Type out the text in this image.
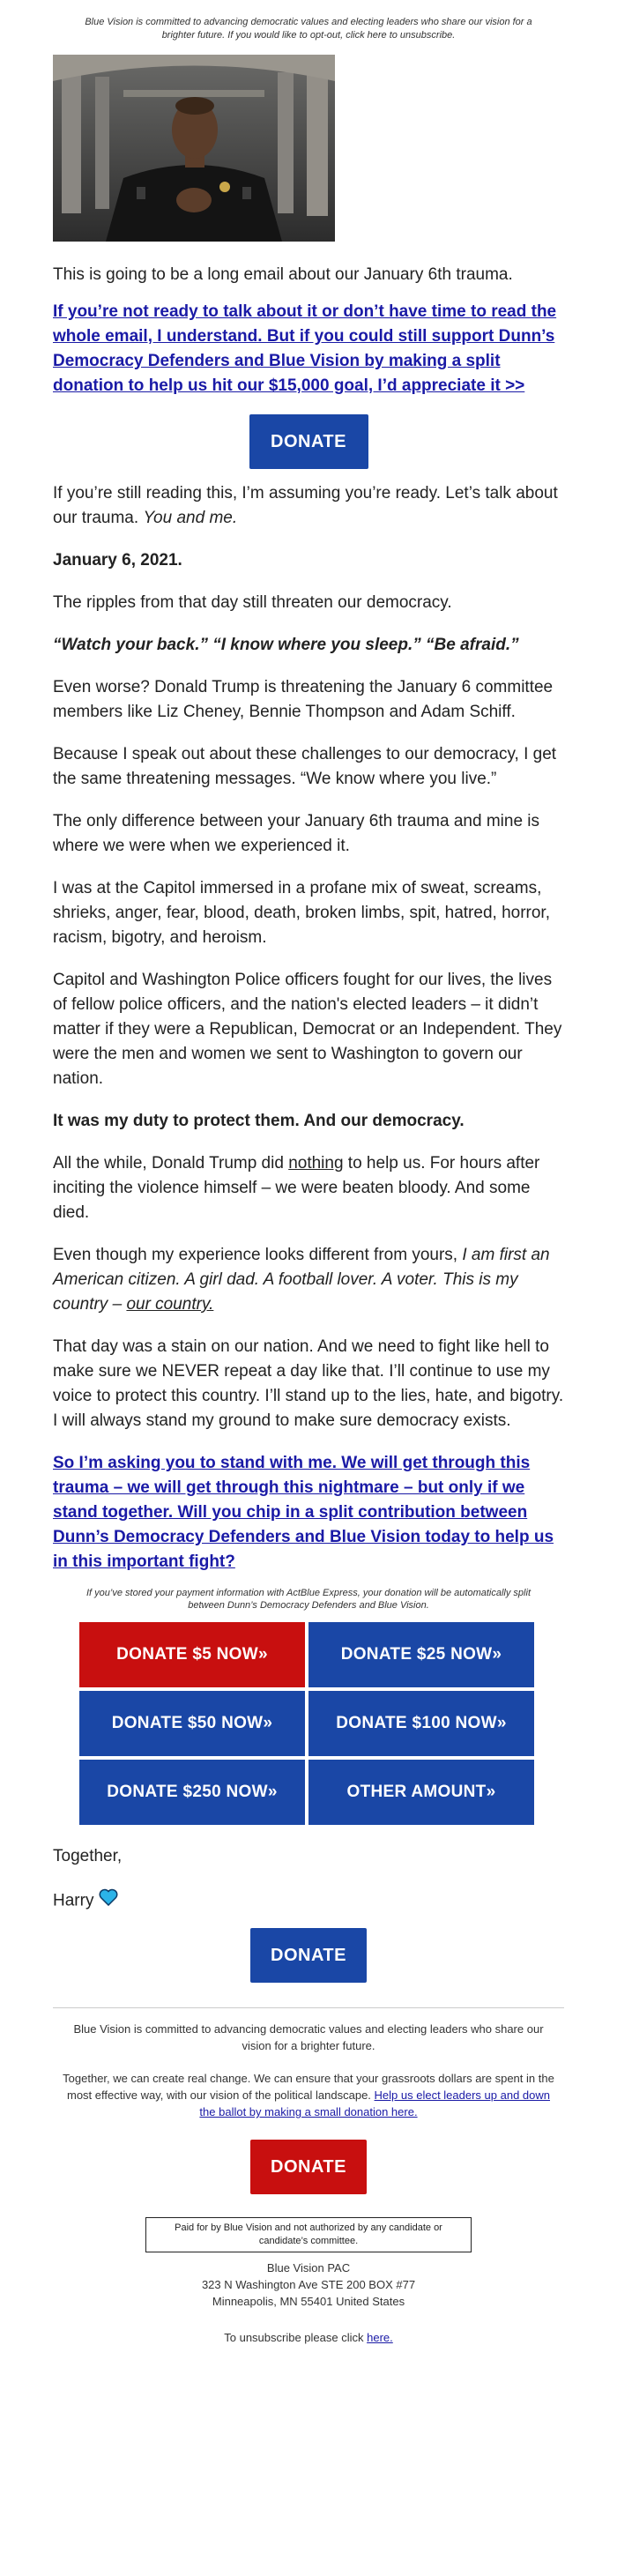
Blue Vision is committed to advancing democratic values and electing leaders who share our vision for a brighter future. If you would like to opt-out, click here to unsubscribe.

This is going to be a long email about our January 6th trauma.

If you’re not ready to talk about it or don’t have time to read the whole email, I understand. But if you could still support Dunn’s Democracy Defenders and Blue Vision by making a split donation to help us hit our $15,000 goal, I’d appreciate it >>
DONATE

If you’re still reading this, I’m assuming you’re ready. Let’s talk about our trauma. You and me.

January 6, 2021.

The ripples from that day still threaten our democracy.

“Watch your back.” “I know where you sleep.” “Be afraid.”

Even worse? Donald Trump is threatening the January 6 committee members like Liz Cheney, Bennie Thompson and Adam Schiff.

Because I speak out about these challenges to our democracy, I get the same threatening messages. “We know where you live.”

The only difference between your January 6th trauma and mine is where we were when we experienced it.

I was at the Capitol immersed in a profane mix of sweat, screams, shrieks, anger, fear, blood, death, broken limbs, spit, hatred, horror, racism, bigotry, and heroism.

Capitol and Washington Police officers fought for our lives, the lives of fellow police officers, and the nation's elected leaders – it didn’t matter if they were a Republican, Democrat or an Independent. They were the men and women we sent to Washington to govern our nation.

It was my duty to protect them. And our democracy.

All the while, Donald Trump did nothing to help us. For hours after inciting the violence himself – we were beaten bloody. And some died.

Even though my experience looks different from yours, I am first an American citizen. A girl dad. A football lover. A voter. This is my country – our country.

That day was a stain on our nation. And we need to fight like hell to make sure we NEVER repeat a day like that. I’ll continue to use my voice to protect this country. I’ll stand up to the lies, hate, and bigotry. I will always stand my ground to make sure democracy exists.

So I’m asking you to stand with me. We will get through this trauma – we will get through this nightmare – but only if we stand together. Will you chip in a split contribution between Dunn’s Democracy Defenders and Blue Vision today to help us in this important fight?
If you’ve stored your payment information with ActBlue Express, your donation will be automatically split between Dunn’s Democracy Defenders and Blue Vision.
DONATE $5 NOW»	DONATE $25 NOW»
DONATE $50 NOW»	DONATE $100 NOW»
DONATE $250 NOW»	OTHER AMOUNT»

Together,

Harry

DONATE
Blue Vision is committed to advancing democratic values and electing leaders who share our vision for a brighter future.
Together, we can create real change. We can ensure that your grassroots dollars are spent in the most effective way, with our vision of the political landscape. Help us elect leaders up and down the ballot by making a small donation here.
DONATE
Paid for by Blue Vision and not authorized by any candidate or candidate’s committee.
Blue Vision PAC
323 N Washington Ave STE 200 BOX #77
Minneapolis, MN 55401 United States
To unsubscribe please click here.
